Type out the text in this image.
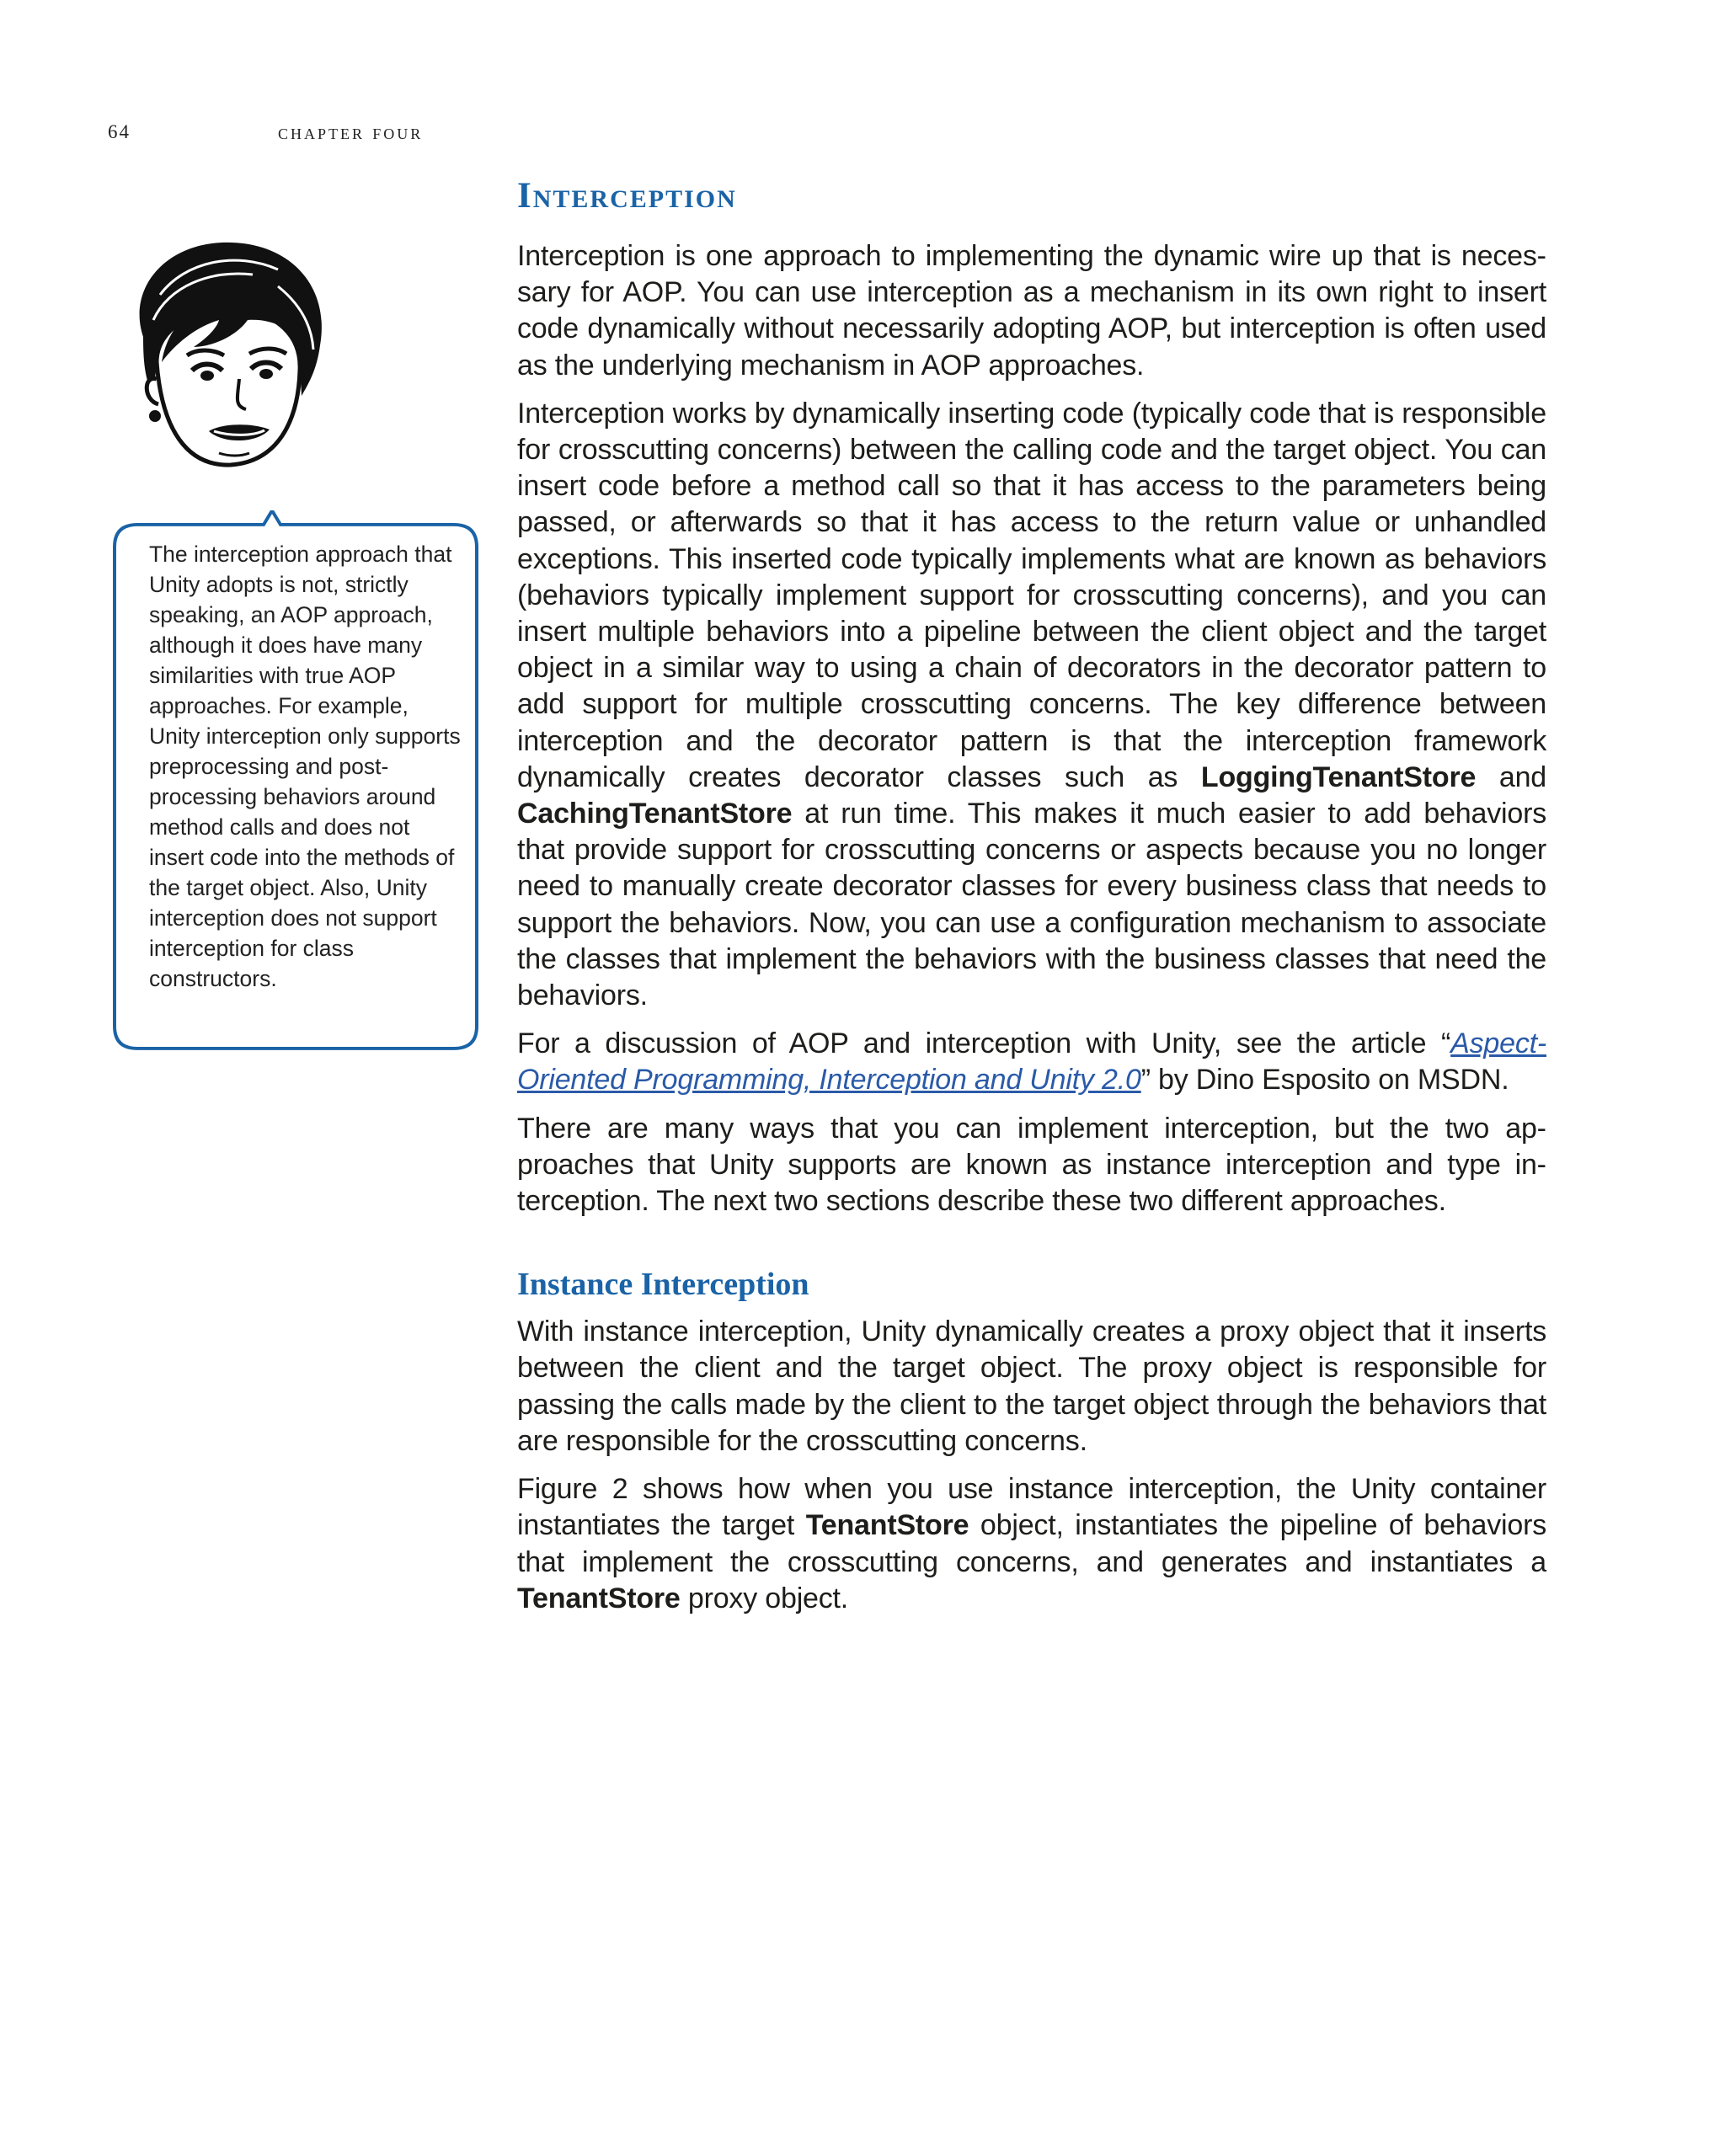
64	chapter four
The interception approach that Unity adopts is not, strictly speaking, an AOP approach, although it does have many similarities with true AOP approaches. For example, Unity interception only supports preprocessing and post-processing behaviors around method calls and does not insert code into the methods of the target object. Also, Unity interception does not support interception for class constructors.
Interception

Interception is one approach to implementing the dynamic wire up that is necessary for AOP. You can use interception as a mechanism in its own right to insert code dynamically without necessarily adopting AOP, but interception is often used as the underlying mechanism in AOP approaches.

Interception works by dynamically inserting code (typically code that is responsible for crosscutting concerns) between the calling code and the target object. You can insert code before a method call so that it has access to the parameters being passed, or afterwards so that it has access to the return value or unhandled exceptions. This inserted code typically implements what are known as behaviors (behaviors typically implement support for crosscutting concerns), and you can insert multiple behaviors into a pipeline between the client object and the target object in a similar way to using a chain of decorators in the decorator pattern to add support for multiple crosscutting concerns. The key difference between interception and the decorator pattern is that the interception framework dynamically creates decorator classes such as LoggingTenantStore and CachingTenantStore at run time. This makes it much easier to add behaviors that provide support for crosscutting concerns or aspects because you no longer need to manually create decorator classes for every business class that needs to support the behaviors. Now, you can use a configuration mechanism to associate the classes that implement the behaviors with the business classes that need the behaviors.

For a discussion of AOP and interception with Unity, see the article “Aspect-Oriented Programming, Interception and Unity 2.0” by Dino Esposito on MSDN.

There are many ways that you can implement interception, but the two approaches that Unity supports are known as instance interception and type interception. The next two sections describe these two different approaches.

Instance Interception

With instance interception, Unity dynamically creates a proxy object that it inserts between the client and the target object. The proxy object is responsible for passing the calls made by the client to the target object through the behaviors that are responsible for the crosscutting concerns.

Figure 2 shows how when you use instance interception, the Unity container instantiates the target TenantStore object, instantiates the pipeline of behaviors that implement the crosscutting concerns, and generates and instantiates a TenantStore proxy object.
